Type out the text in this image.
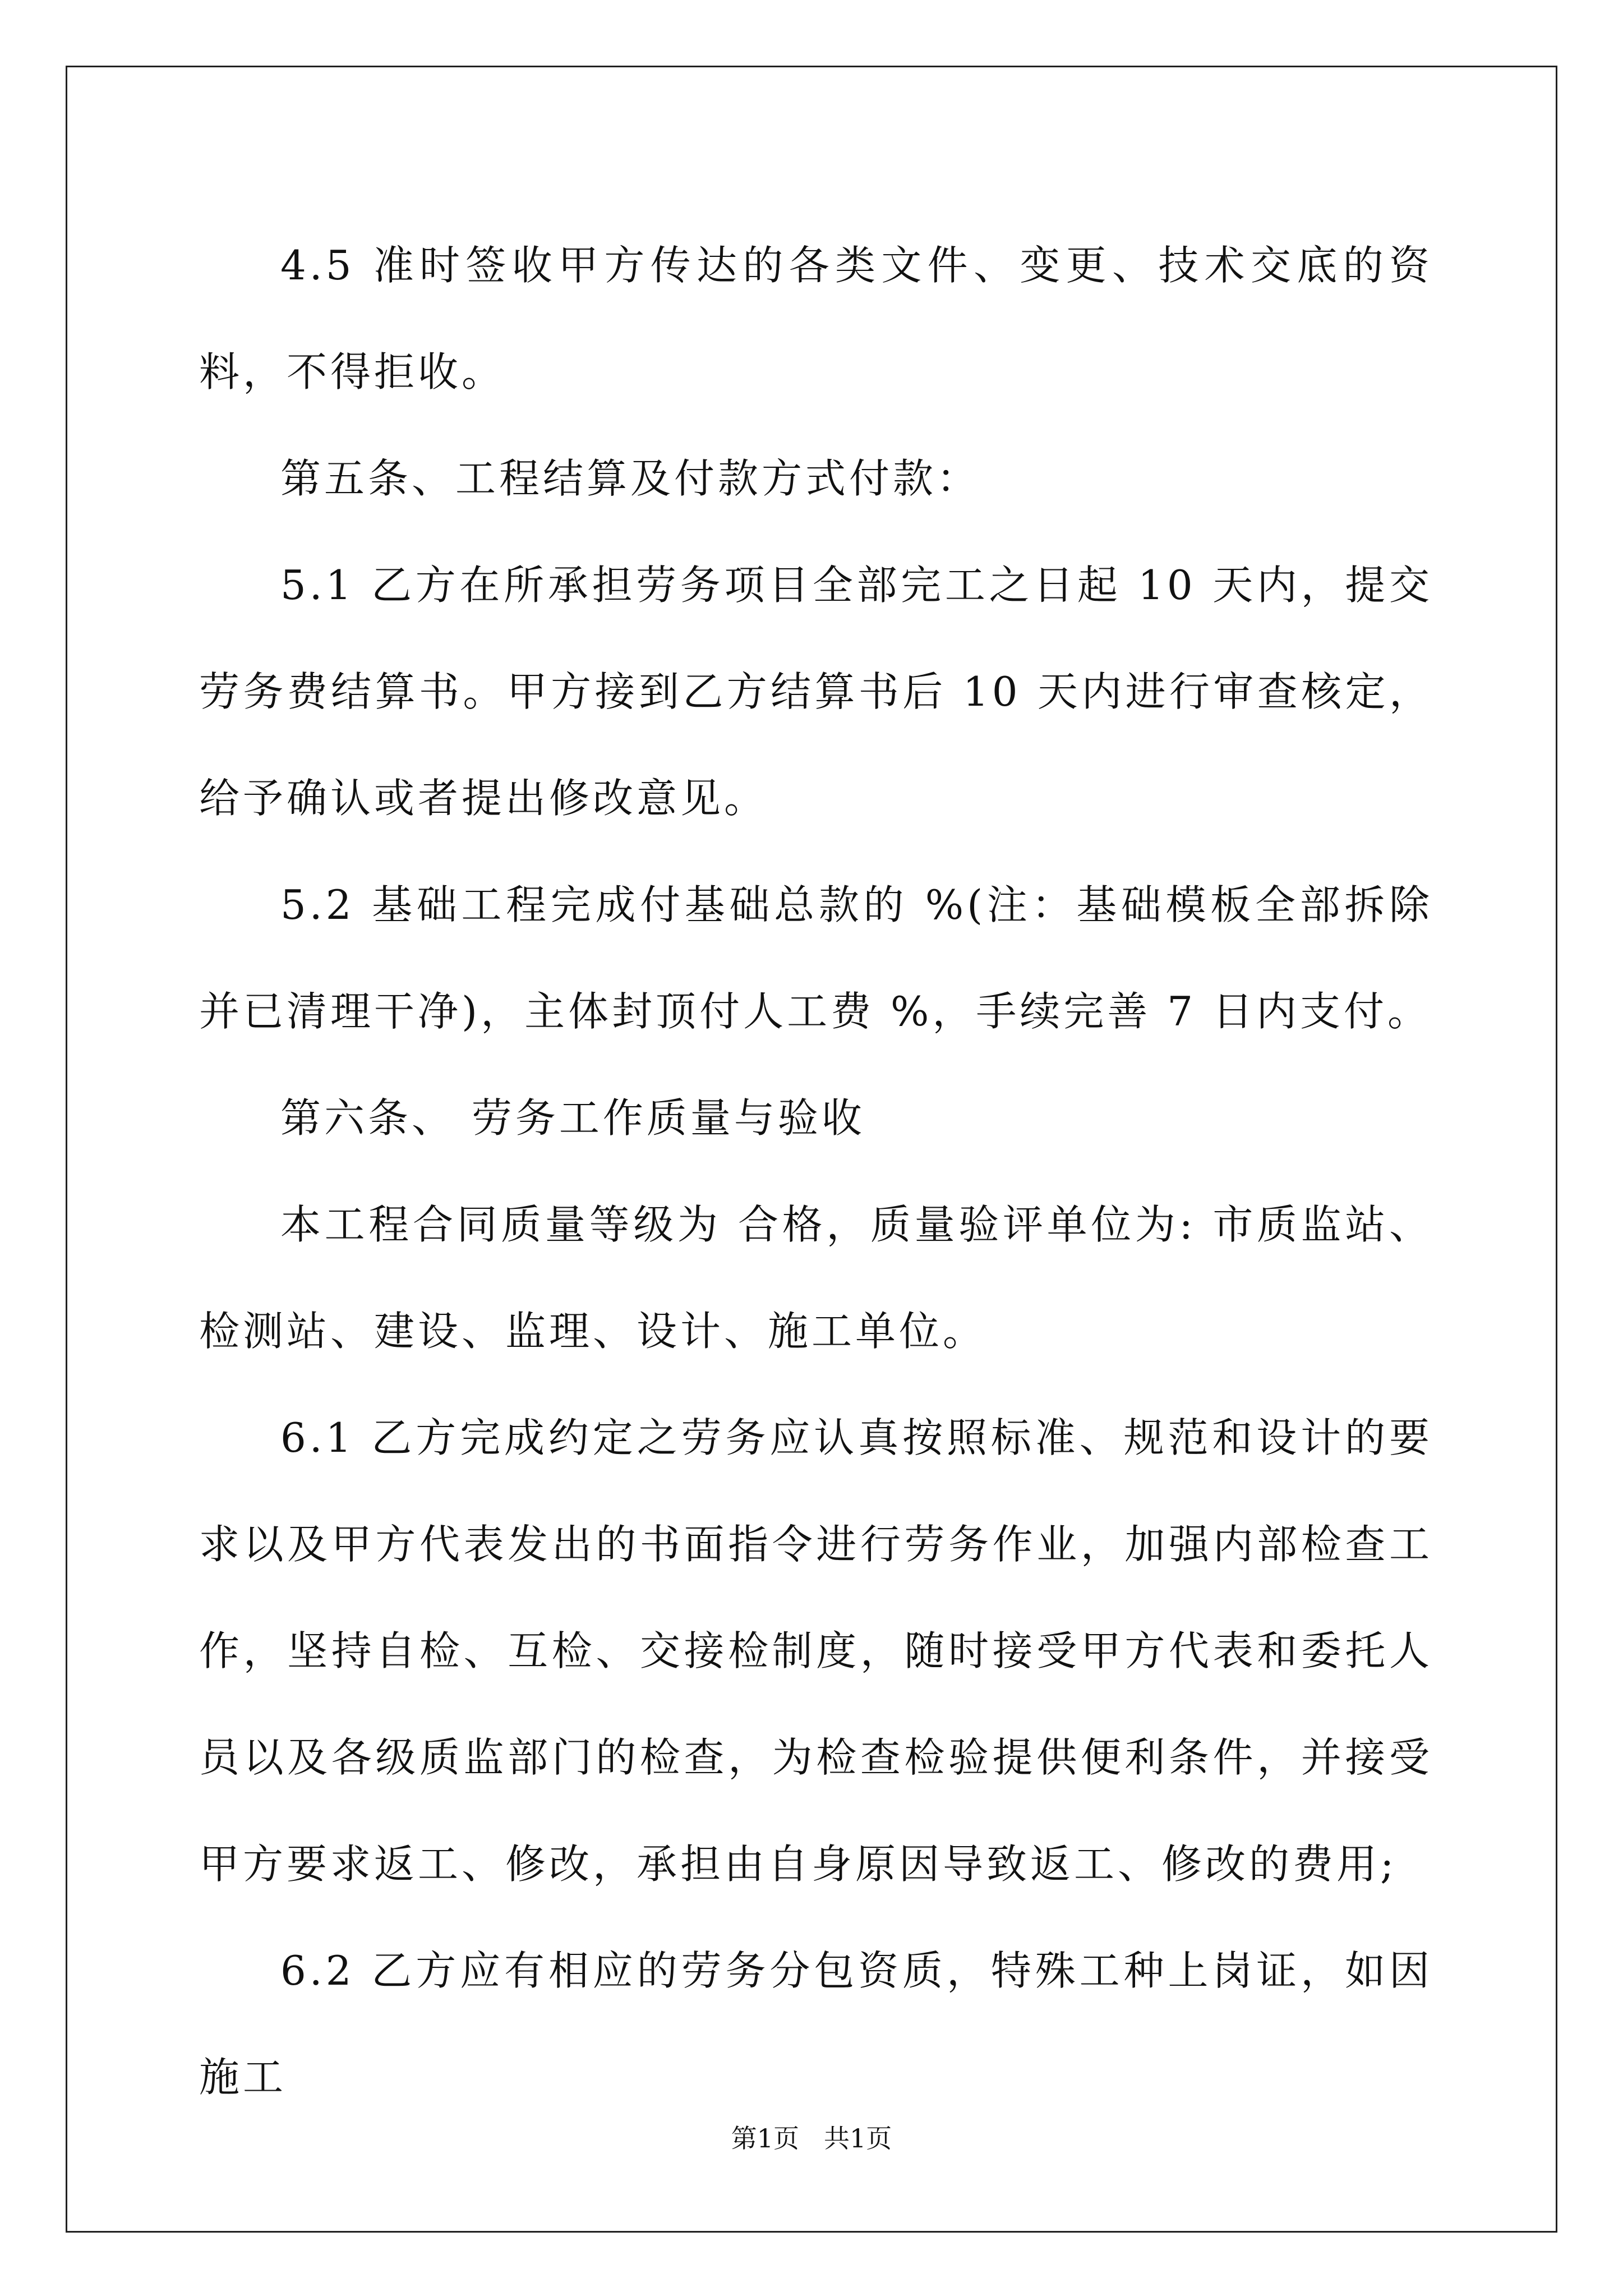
4.5 准时签收甲方传达的各类文件、变更、技术交底的资料，不得拒收。

第五条、工程结算及付款方式付款：

5.1 乙方在所承担劳务项目全部完工之日起 10 天内，提交劳务费结算书。甲方接到乙方结算书后 10 天内进行审查核定，给予确认或者提出修改意见。

5.2 基础工程完成付基础总款的 %(注：基础模板全部拆除并已清理干净)，主体封顶付人工费 %，手续完善 7 日内支付。

第六条、 劳务工作质量与验收

本工程合同质量等级为 合格，质量验评单位为: 市质监站、检测站、建设、监理、设计、施工单位。

6.1 乙方完成约定之劳务应认真按照标准、规范和设计的要求以及甲方代表发出的书面指令进行劳务作业，加强内部检查工作，坚持自检、互检、交接检制度，随时接受甲方代表和委托人员以及各级质监部门的检查，为检查检验提供便利条件，并接受甲方要求返工、修改，承担由自身原因导致返工、修改的费用;

6.2 乙方应有相应的劳务分包资质，特殊工种上岗证，如因施工

第1页 共1页
